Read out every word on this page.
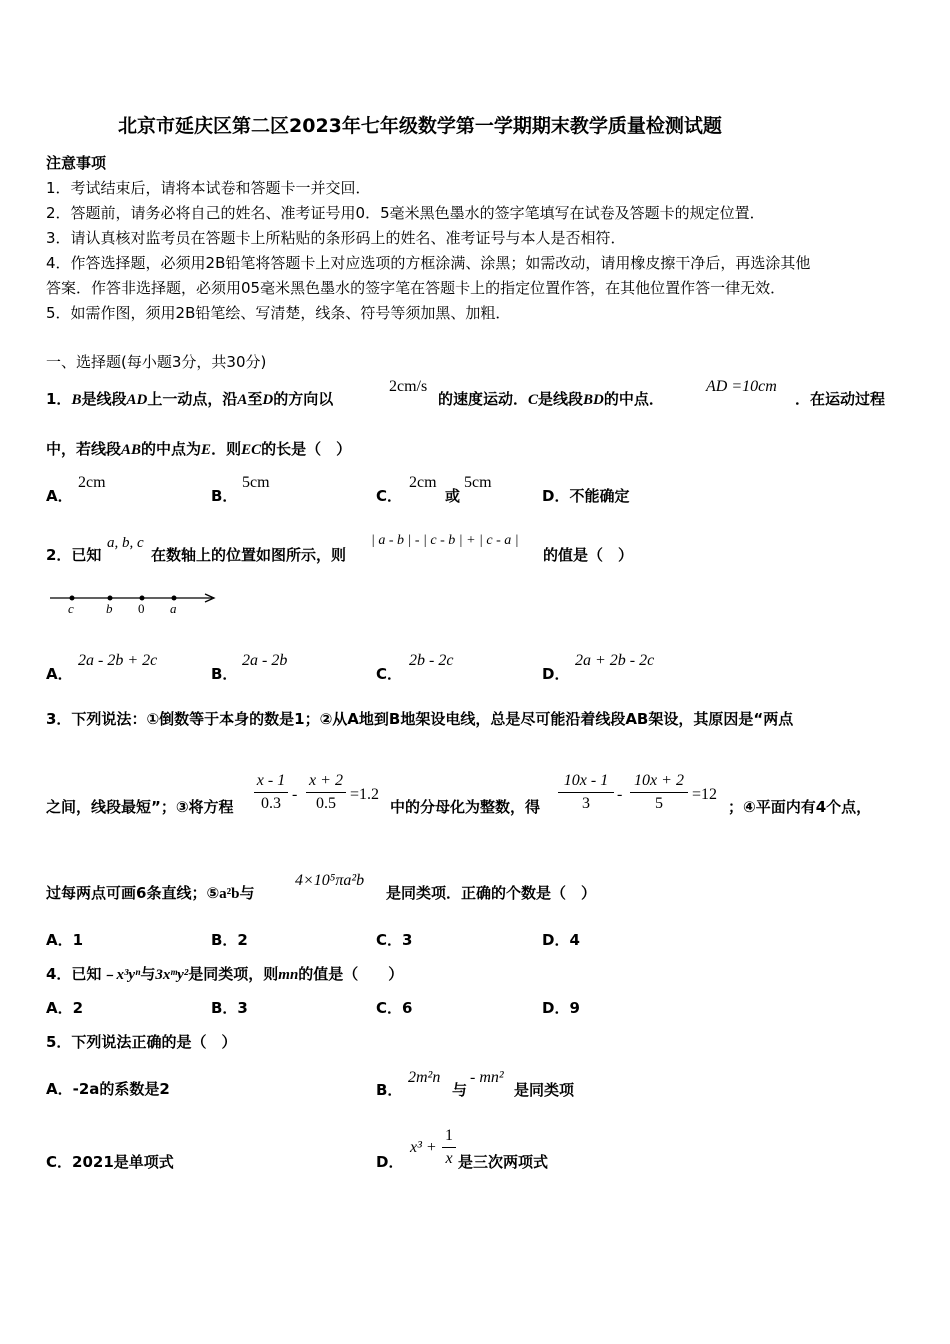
北京市延庆区第二区2023年七年级数学第一学期期末教学质量检测试题
注意事项
1．考试结束后，请将本试卷和答题卡一并交回．
2．答题前，请务必将自己的姓名、准考证号用0．5毫米黑色墨水的签字笔填写在试卷及答题卡的规定位置．
3．请认真核对监考员在答题卡上所粘贴的条形码上的姓名、准考证号与本人是否相符．
4．作答选择题，必须用2B铅笔将答题卡上对应选项的方框涂满、涂黑；如需改动，请用橡皮擦干净后，再选涂其他
答案．作答非选择题，必须用05毫米黑色墨水的签字笔在答题卡上的指定位置作答，在其他位置作答一律无效．
5．如需作图，须用2B铅笔绘、写清楚，线条、符号等须加黑、加粗．
一、选择题(每小题3分，共30分)
1．B是线段AD上一动点，沿A至D的方向以
2cm/s
的速度运动．C是线段BD的中点．
AD =10cm
．在运动过程
中，若线段AB的中点为E．则EC的长是（　）
A．
2cm
B．
5cm
C．
2cm
或
5cm
D．不能确定
2．已知
a, b, c
在数轴上的位置如图所示，则
| a - b | - | c - b | + | c - a |
的值是（　）
c b 0 a
A．
2a - 2b + 2c
B．
2a - 2b
C．
2b - 2c
D．
2a + 2b - 2c
3．下列说法：①倒数等于本身的数是1；②从A地到B地架设电线，总是尽可能沿着线段AB架设，其原因是“两点
之间，线段最短”；③将方程
x - 1
0.3
-
x + 2
0.5
=1.2
中的分母化为整数，得
10x - 1
3
-
10x + 2
5
=12
；④平面内有4个点，
过每两点可画6条直线；⑤a²b与
4×10⁵πa²b
是同类项．正确的个数是（　）
A．1	B．2	C．3	D．4
4．已知﹣x³yⁿ与3xᵐy²是同类项，则mn的值是（　　）
A．2	B．3	C．6	D．9
5．下列说法正确的是（　）
A．-2a的系数是2	B．
2m²n
与
- mn²
是同类项
C．2021是单项式	D．
x³ +
1
x 是三次两项式
